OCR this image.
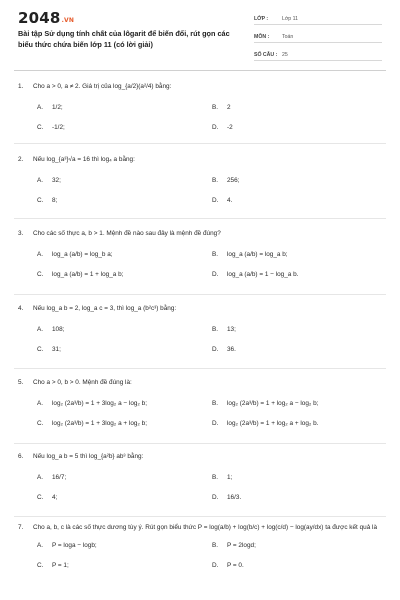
2048.VN
Bài tập Sử dụng tính chất của lôgarit để biến đổi, rút gọn các biểu thức chứa biến lớp 11 (có lời giải)
LỚP :	Lớp 11
MÔN :	Toán
SỐ CÂU : 25
1.	Cho a > 0, a ≠ 2. Giá trị của log_{a/2}(a²/4) bằng:
A.	1/2;	B.	2
C.	-1/2;	D.	-2
2.	Nếu log_{a³}√a = 16 thì log₄ a bằng:
A.	32;	B.	256;
C.	8;	D.	4.
3.	Cho các số thực a, b > 1. Mệnh đề nào sau đây là mệnh đề đúng?
A.	log_a (a/b) = log_b a;	B.	log_a (a/b) = log_a b;
C.	log_a (a/b) = 1 + log_a b;	D.	log_a (a/b) = 1 − log_a b.
4.	Nếu log_a b = 2, log_a c = 3, thì log_a (b²c³) bằng:
A.	108;	B.	13;
C.	31;	D.	36.
5.	Cho a > 0, b > 0. Mệnh đề đúng là:
A.	log₂ (2a³/b) = 1 + 3log₂ a − log₂ b;	B.	log₂ (2a³/b) = 1 + log₂ a − log₂ b;
C.	log₂ (2a³/b) = 1 + 3log₂ a + log₂ b;	D.	log₂ (2a³/b) = 1 + log₂ a + log₂ b.
6.	Nếu log_a b = 5 thì log_{a²b} ab³ bằng:
A.	16/7;	B.	1;
C.	4;	D.	16/3.
7.	Cho a, b, c là các số thực dương tùy ý. Rút gọn biểu thức P = log(a/b) + log(b/c) + log(c/d) − log(ay/dx) ta được kết quả là
A.	P = loga − logb;	B.	P = 2logd;
C.	P = 1;	D.	P = 0.
